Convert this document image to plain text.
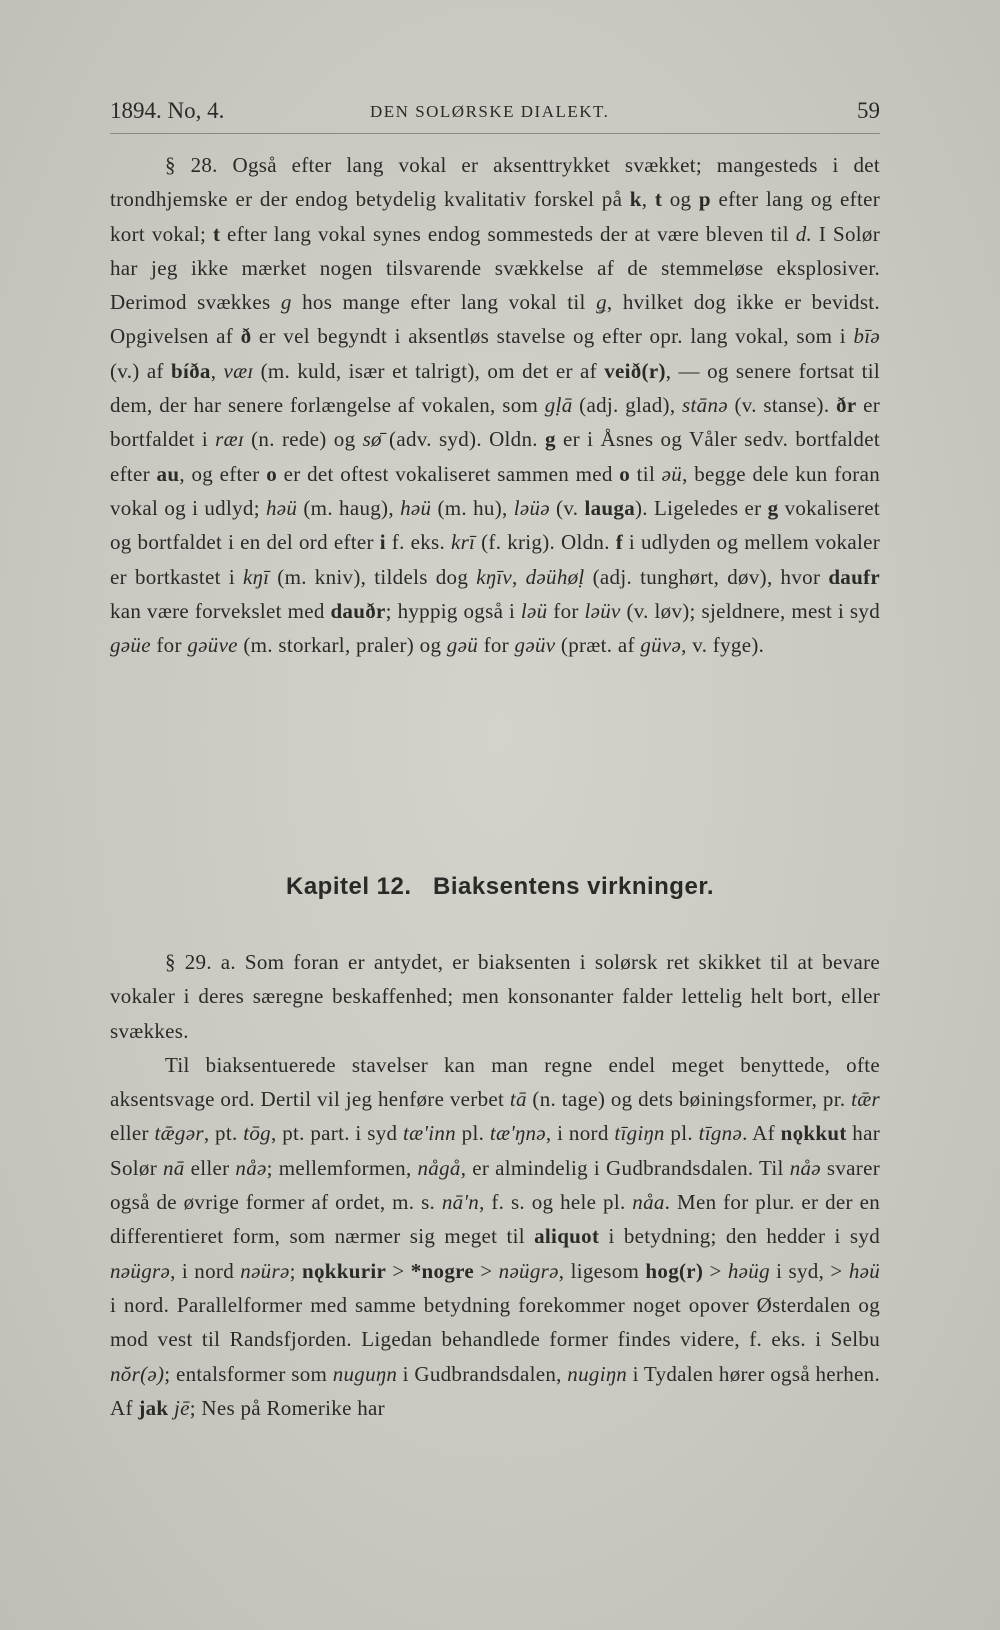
1894. No, 4.	DEN SOLØRSKE DIALEKT.	59

§ 28. Også efter lang vokal er aksenttrykket svækket; mangesteds i det trondhjemske er der endog betydelig kvalitativ forskel på k, t og p efter lang og efter kort vokal; t efter lang vokal synes endog sommesteds der at være bleven til d. I Solør har jeg ikke mærket nogen tilsvarende svækkelse af de stemmeløse eksplosiver. Derimod svækkes g hos mange efter lang vokal til ǥ, hvilket dog ikke er bevidst. Opgivelsen af ð er vel begyndt i aksentløs stavelse og efter opr. lang vokal, som i bīə (v.) af bíða, væɪ (m. kuld, især et talrigt), om det er af veið(r), — og senere fortsat til dem, der har senere forlængelse af vokalen, som gḷā (adj. glad), stānə (v. stanse). ðr er bortfaldet i ræɪ (n. rede) og sø̄ (adv. syd). Oldn. g er i Åsnes og Våler sedv. bortfaldet efter au, og efter o er det oftest vokaliseret sammen med o til əü, begge dele kun foran vokal og i udlyd; həü (m. haug), həü (m. hu), ləüə (v. lauga). Ligeledes er g vokaliseret og bortfaldet i en del ord efter i f. eks. krī (f. krig). Oldn. f i udlyden og mellem vokaler er bortkastet i kŋī (m. kniv), tildels dog kŋīv, dəühøḷ (adj. tunghørt, døv), hvor daufr kan være forvekslet med dauðr; hyppig også i ləü for ləüv (v. løv); sjeldnere, mest i syd gəüe for gəüve (m. storkarl, praler) og gəü for gəüv (præt. af güvə, v. fyge).

Kapitel 12.   Biaksentens virkninger.

§ 29. a. Som foran er antydet, er biaksenten i solørsk ret skikket til at bevare vokaler i deres særegne beskaffenhed; men konsonanter falder lettelig helt bort, eller svækkes.

Til biaksentuerede stavelser kan man regne endel meget benyttede, ofte aksentsvage ord. Dertil vil jeg henføre verbet tā (n. tage) og dets bøiningsformer, pr. tǣr eller tǣgər, pt. tōg, pt. part. i syd tæ'inn pl. tæ'ŋnə, i nord tīgiŋn pl. tīgnə. Af nǫkkut har Solør nā eller nåə; mellemformen, någå, er almindelig i Gudbrandsdalen. Til nåə svarer også de øvrige former af ordet, m. s. nā'n, f. s. og hele pl. nåa. Men for plur. er der en differentieret form, som nærmer sig meget til aliquot i betydning; den hedder i syd nəügrə, i nord nəürə; nǫkkurir > *nogre > nəügrə, ligesom hog(r) > həüg i syd, > həü i nord. Parallelformer med samme betydning forekommer noget opover Østerdalen og mod vest til Randsfjorden. Ligedan behandlede former findes videre, f. eks. i Selbu nŏr(ə); entalsformer som nuguŋn i Gudbrandsdalen, nugiŋn i Tydalen hører også herhen. Af jak jē; Nes på Romerike har
